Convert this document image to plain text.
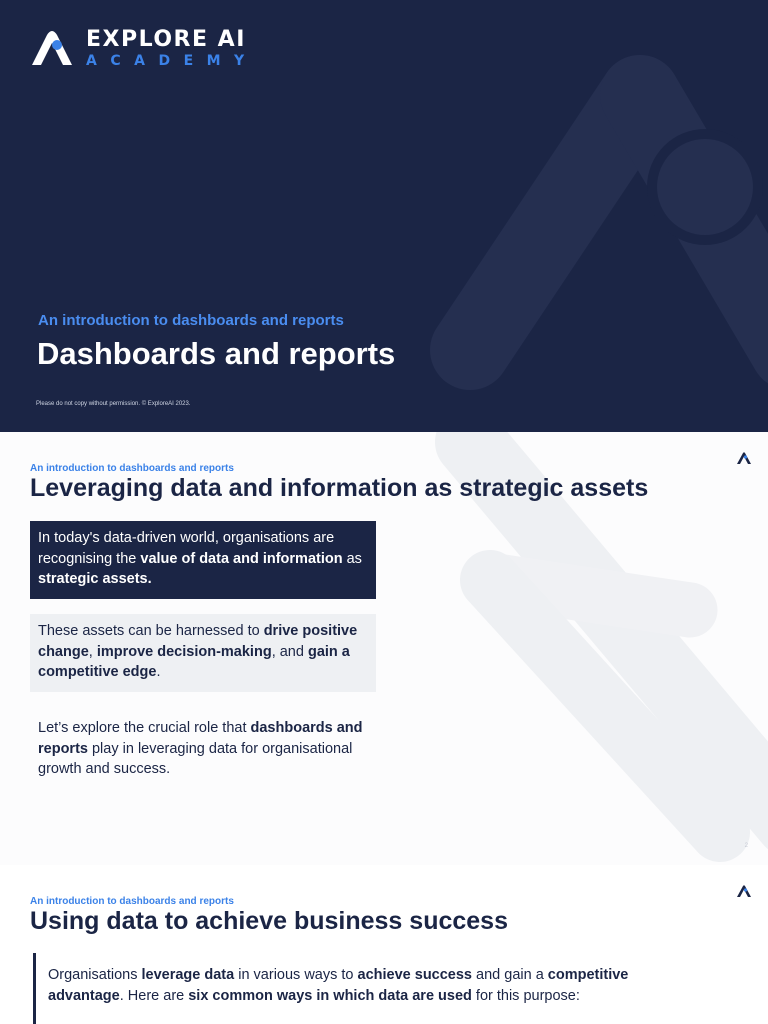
EXPLORE AI
ACADEMY
An introduction to dashboards and reports
Dashboards and reports
Please do not copy without permission. © ExploreAI 2023.
An introduction to dashboards and reports
Leveraging data and information as strategic assets
In today's data-driven world, organisations are recognising the value of data and information as strategic assets.
These assets can be harnessed to drive positive change, improve decision-making, and gain a competitive edge.
Let’s explore the crucial role that dashboards and reports play in leveraging data for organisational growth and success.
2
An introduction to dashboards and reports
Using data to achieve business success
Organisations leverage data in various ways to achieve success and gain a competitive advantage. Here are six common ways in which data are used for this purpose:
